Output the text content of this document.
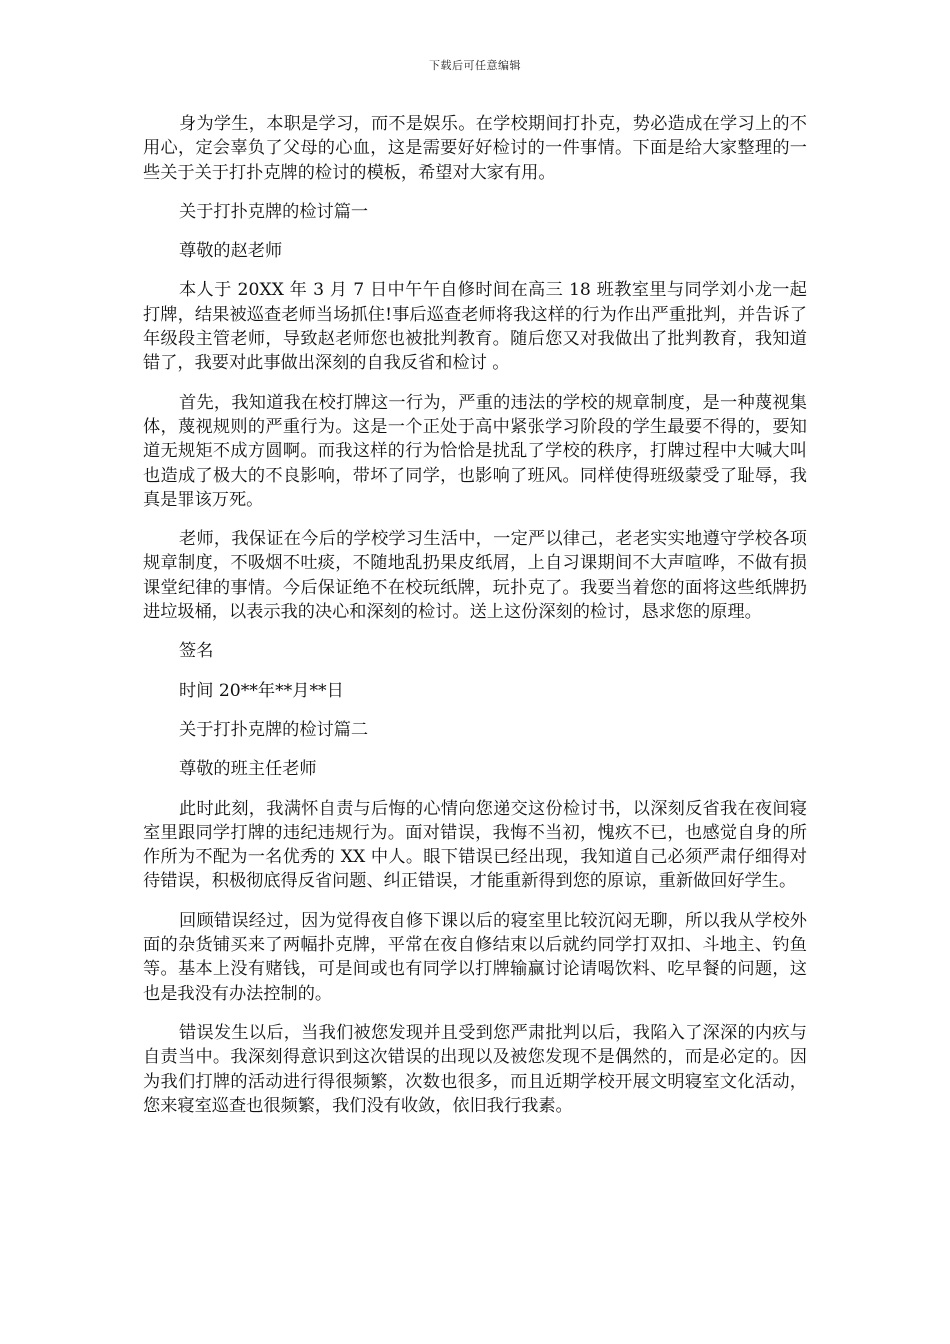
下载后可任意编辑

身为学生，本职是学习，而不是娱乐。在学校期间打扑克，势必造成在学习上的不用心，定会辜负了父母的心血，这是需要好好检讨的一件事情。下面是给大家整理的一些关于关于打扑克牌的检讨的模板，希望对大家有用。

关于打扑克牌的检讨篇一

尊敬的赵老师

本人于 20XX 年 3 月 7 日中午午自修时间在高三 18 班教室里与同学刘小龙一起打牌，结果被巡查老师当场抓住!事后巡查老师将我这样的行为作出严重批判，并告诉了年级段主管老师，导致赵老师您也被批判教育。随后您又对我做出了批判教育，我知道错了，我要对此事做出深刻的自我反省和检讨 。

首先，我知道我在校打牌这一行为，严重的违法的学校的规章制度，是一种蔑视集体，蔑视规则的严重行为。这是一个正处于高中紧张学习阶段的学生最要不得的，要知道无规矩不成方圆啊。而我这样的行为恰恰是扰乱了学校的秩序，打牌过程中大喊大叫也造成了极大的不良影响，带坏了同学，也影响了班风。同样使得班级蒙受了耻辱，我真是罪该万死。

老师，我保证在今后的学校学习生活中，一定严以律己，老老实实地遵守学校各项规章制度，不吸烟不吐痰，不随地乱扔果皮纸屑，上自习课期间不大声喧哗，不做有损课堂纪律的事情。今后保证绝不在校玩纸牌，玩扑克了。我要当着您的面将这些纸牌扔进垃圾桶，以表示我的决心和深刻的检讨。送上这份深刻的检讨，恳求您的原理。

签名

时间 20**年**月**日

关于打扑克牌的检讨篇二

尊敬的班主任老师

此时此刻，我满怀自责与后悔的心情向您递交这份检讨书，以深刻反省我在夜间寝室里跟同学打牌的违纪违规行为。面对错误，我悔不当初，愧疚不已，也感觉自身的所作所为不配为一名优秀的 XX 中人。眼下错误已经出现，我知道自己必须严肃仔细得对待错误，积极彻底得反省问题、纠正错误，才能重新得到您的原谅，重新做回好学生。

回顾错误经过，因为觉得夜自修下课以后的寝室里比较沉闷无聊，所以我从学校外面的杂货铺买来了两幅扑克牌，平常在夜自修结束以后就约同学打双扣、斗地主、钓鱼等。基本上没有赌钱，可是间或也有同学以打牌输赢讨论请喝饮料、吃早餐的问题，这也是我没有办法控制的。

错误发生以后，当我们被您发现并且受到您严肃批判以后，我陷入了深深的内疚与自责当中。我深刻得意识到这次错误的出现以及被您发现不是偶然的，而是必定的。因为我们打牌的活动进行得很频繁，次数也很多，而且近期学校开展文明寝室文化活动，您来寝室巡查也很频繁，我们没有收敛，依旧我行我素。
